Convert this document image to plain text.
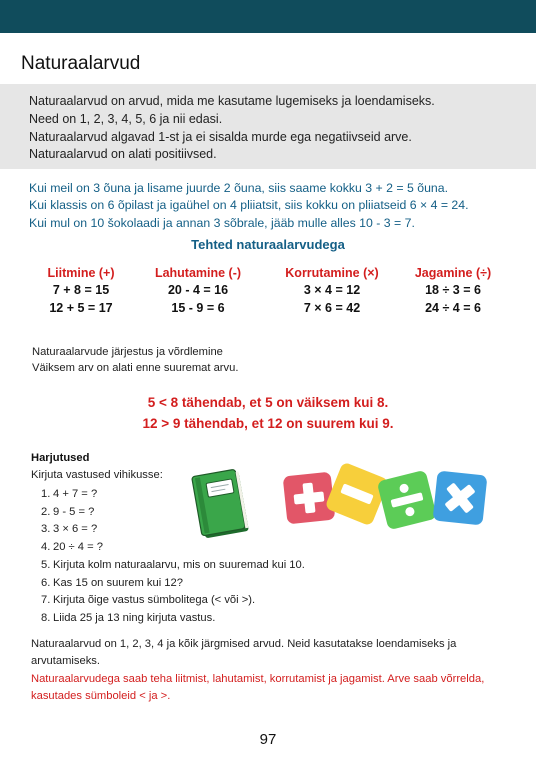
Naturaalarvud
Naturaalarvud on arvud, mida me kasutame lugemiseks ja loendamiseks.
Need on 1, 2, 3, 4, 5, 6 ja nii edasi.
Naturaalarvud algavad 1-st ja ei sisalda murde ega negatiivseid arve.
Naturaalarvud on alati positiivsed.
Kui meil on 3 õuna ja lisame juurde 2 õuna, siis saame kokku 3 + 2 = 5 õuna.
Kui klassis on 6 õpilast ja igaühel on 4 pliiatsit, siis kokku on pliiatseid 6 × 4 = 24.
Kui mul on 10 šokolaadi ja annan 3 sõbrale, jääb mulle alles 10 - 3 = 7.
Tehted naturaalarvudega
Liitmine (+)
7 + 8 = 15
12 + 5 = 17
Lahutamine (-)
20 - 4 = 16
15 - 9 = 6
Korrutamine (×)
3 × 4 = 12
7 × 6 = 42
Jagamine (÷)
18 ÷ 3 = 6
24 ÷ 4 = 6
Naturaalarvude järjestus ja võrdlemine
Väiksem arv on alati enne suuremat arvu.
5 < 8 tähendab, et 5 on väiksem kui 8.
12 > 9 tähendab, et 12 on suurem kui 9.
Harjutused
Kirjuta vastused vihikusse:
1. 4 + 7 = ?
2. 9 - 5 = ?
3. 3 × 6 = ?
4. 20 ÷ 4 = ?
5. Kirjuta kolm naturaalarvu, mis on suuremad kui 10.
6. Kas 15 on suurem kui 12?
7. Kirjuta õige vastus sümbolitega (< või >).
8. Liida 25 ja 13 ning kirjuta vastus.
Naturaalarvud on 1, 2, 3, 4 ja kõik järgmised arvud. Neid kasutatakse loendamiseks ja arvutamiseks.
Naturaalarvudega saab teha liitmist, lahutamist, korrutamist ja jagamist. Arve saab võrrelda, kasutades sümboleid < ja >.
97
